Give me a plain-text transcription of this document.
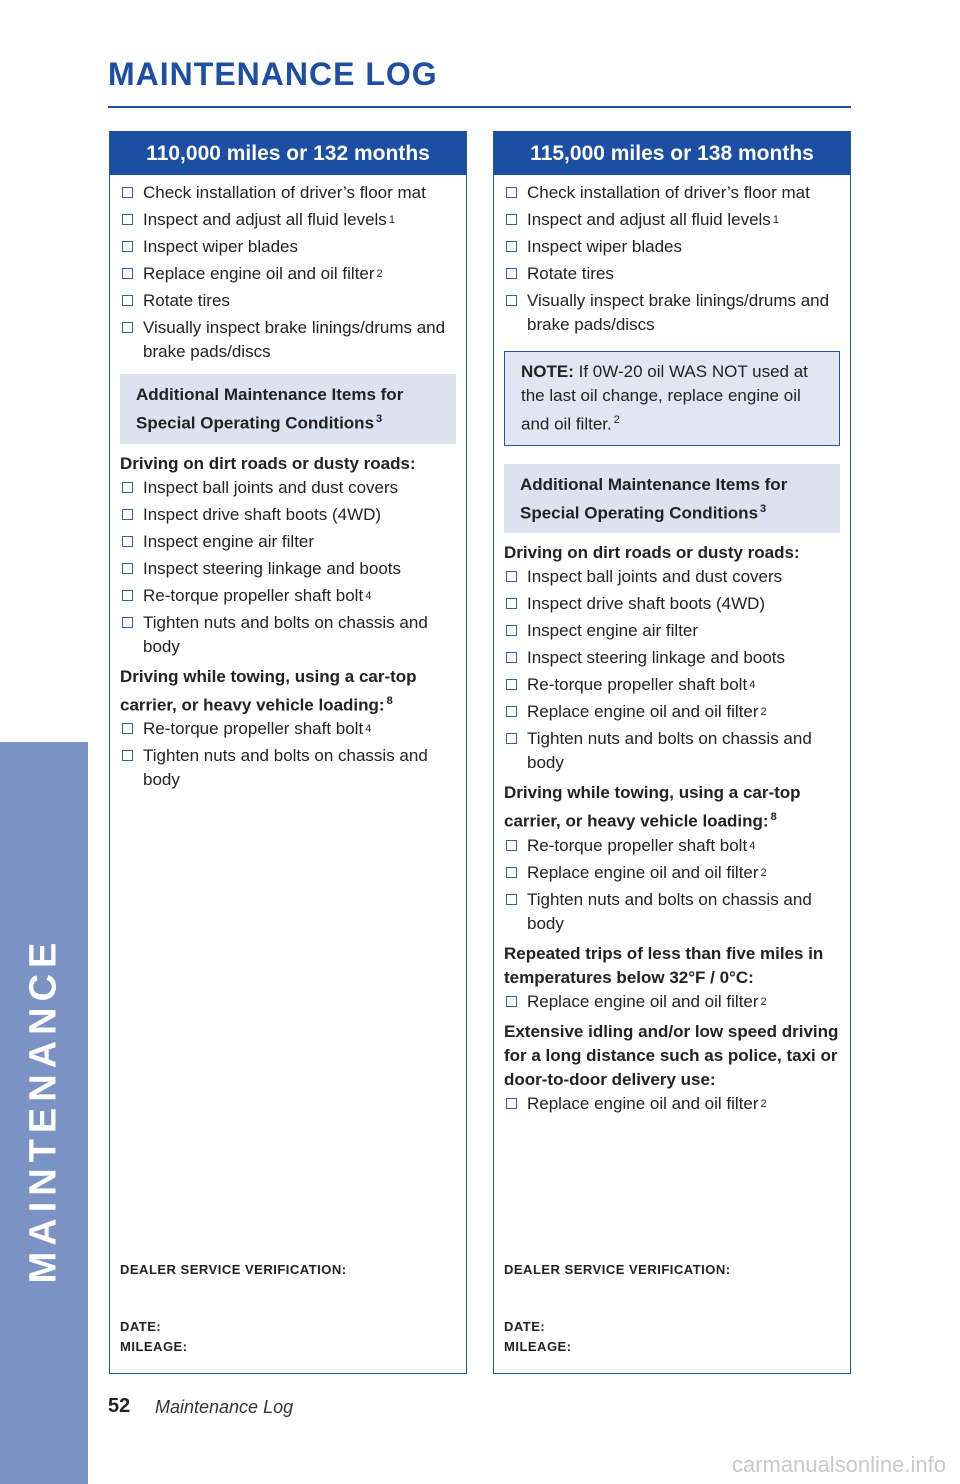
MAINTENANCE
MAINTENANCE LOG
110,000 miles or 132 months
Check installation of driver’s floor mat
Inspect and adjust all fluid levels 1
Inspect wiper blades
Replace engine oil and oil filter 2
Rotate tires
Visually inspect brake linings/drums and brake pads/discs
Additional Maintenance Items for Special Operating Conditions $^3$
Driving on dirt roads or dusty roads:
Inspect ball joints and dust covers
Inspect drive shaft boots (4WD)
Inspect engine air filter
Inspect steering linkage and boots
Re-torque propeller shaft bolt 4
Tighten nuts and bolts on chassis and body
Driving while towing, using a car-top carrier, or heavy vehicle loading: $^8$
Re-torque propeller shaft bolt 4
Tighten nuts and bolts on chassis and body
DEALER SERVICE VERIFICATION:
DATE:
MILEAGE:
115,000 miles or 138 months
Check installation of driver’s floor mat
Inspect and adjust all fluid levels 1
Inspect wiper blades
Rotate tires
Visually inspect brake linings/drums and brake pads/discs
NOTE: If 0W-20 oil WAS NOT used at the last oil change, replace engine oil and oil filter. $^2$
Additional Maintenance Items for Special Operating Conditions $^3$
Driving on dirt roads or dusty roads:
Inspect ball joints and dust covers
Inspect drive shaft boots (4WD)
Inspect engine air filter
Inspect steering linkage and boots
Re-torque propeller shaft bolt 4
Replace engine oil and oil filter 2
Tighten nuts and bolts on chassis and body
Driving while towing, using a car-top carrier, or heavy vehicle loading: $^8$
Re-torque propeller shaft bolt 4
Replace engine oil and oil filter 2
Tighten nuts and bolts on chassis and body
Repeated trips of less than five miles in temperatures below 32°F / 0°C:
Replace engine oil and oil filter 2
Extensive idling and/or low speed driving for a long distance such as police, taxi or door-to-door delivery use:
Replace engine oil and oil filter 2
DEALER SERVICE VERIFICATION:
DATE:
MILEAGE:
52 Maintenance Log
carmanualsonline.info
